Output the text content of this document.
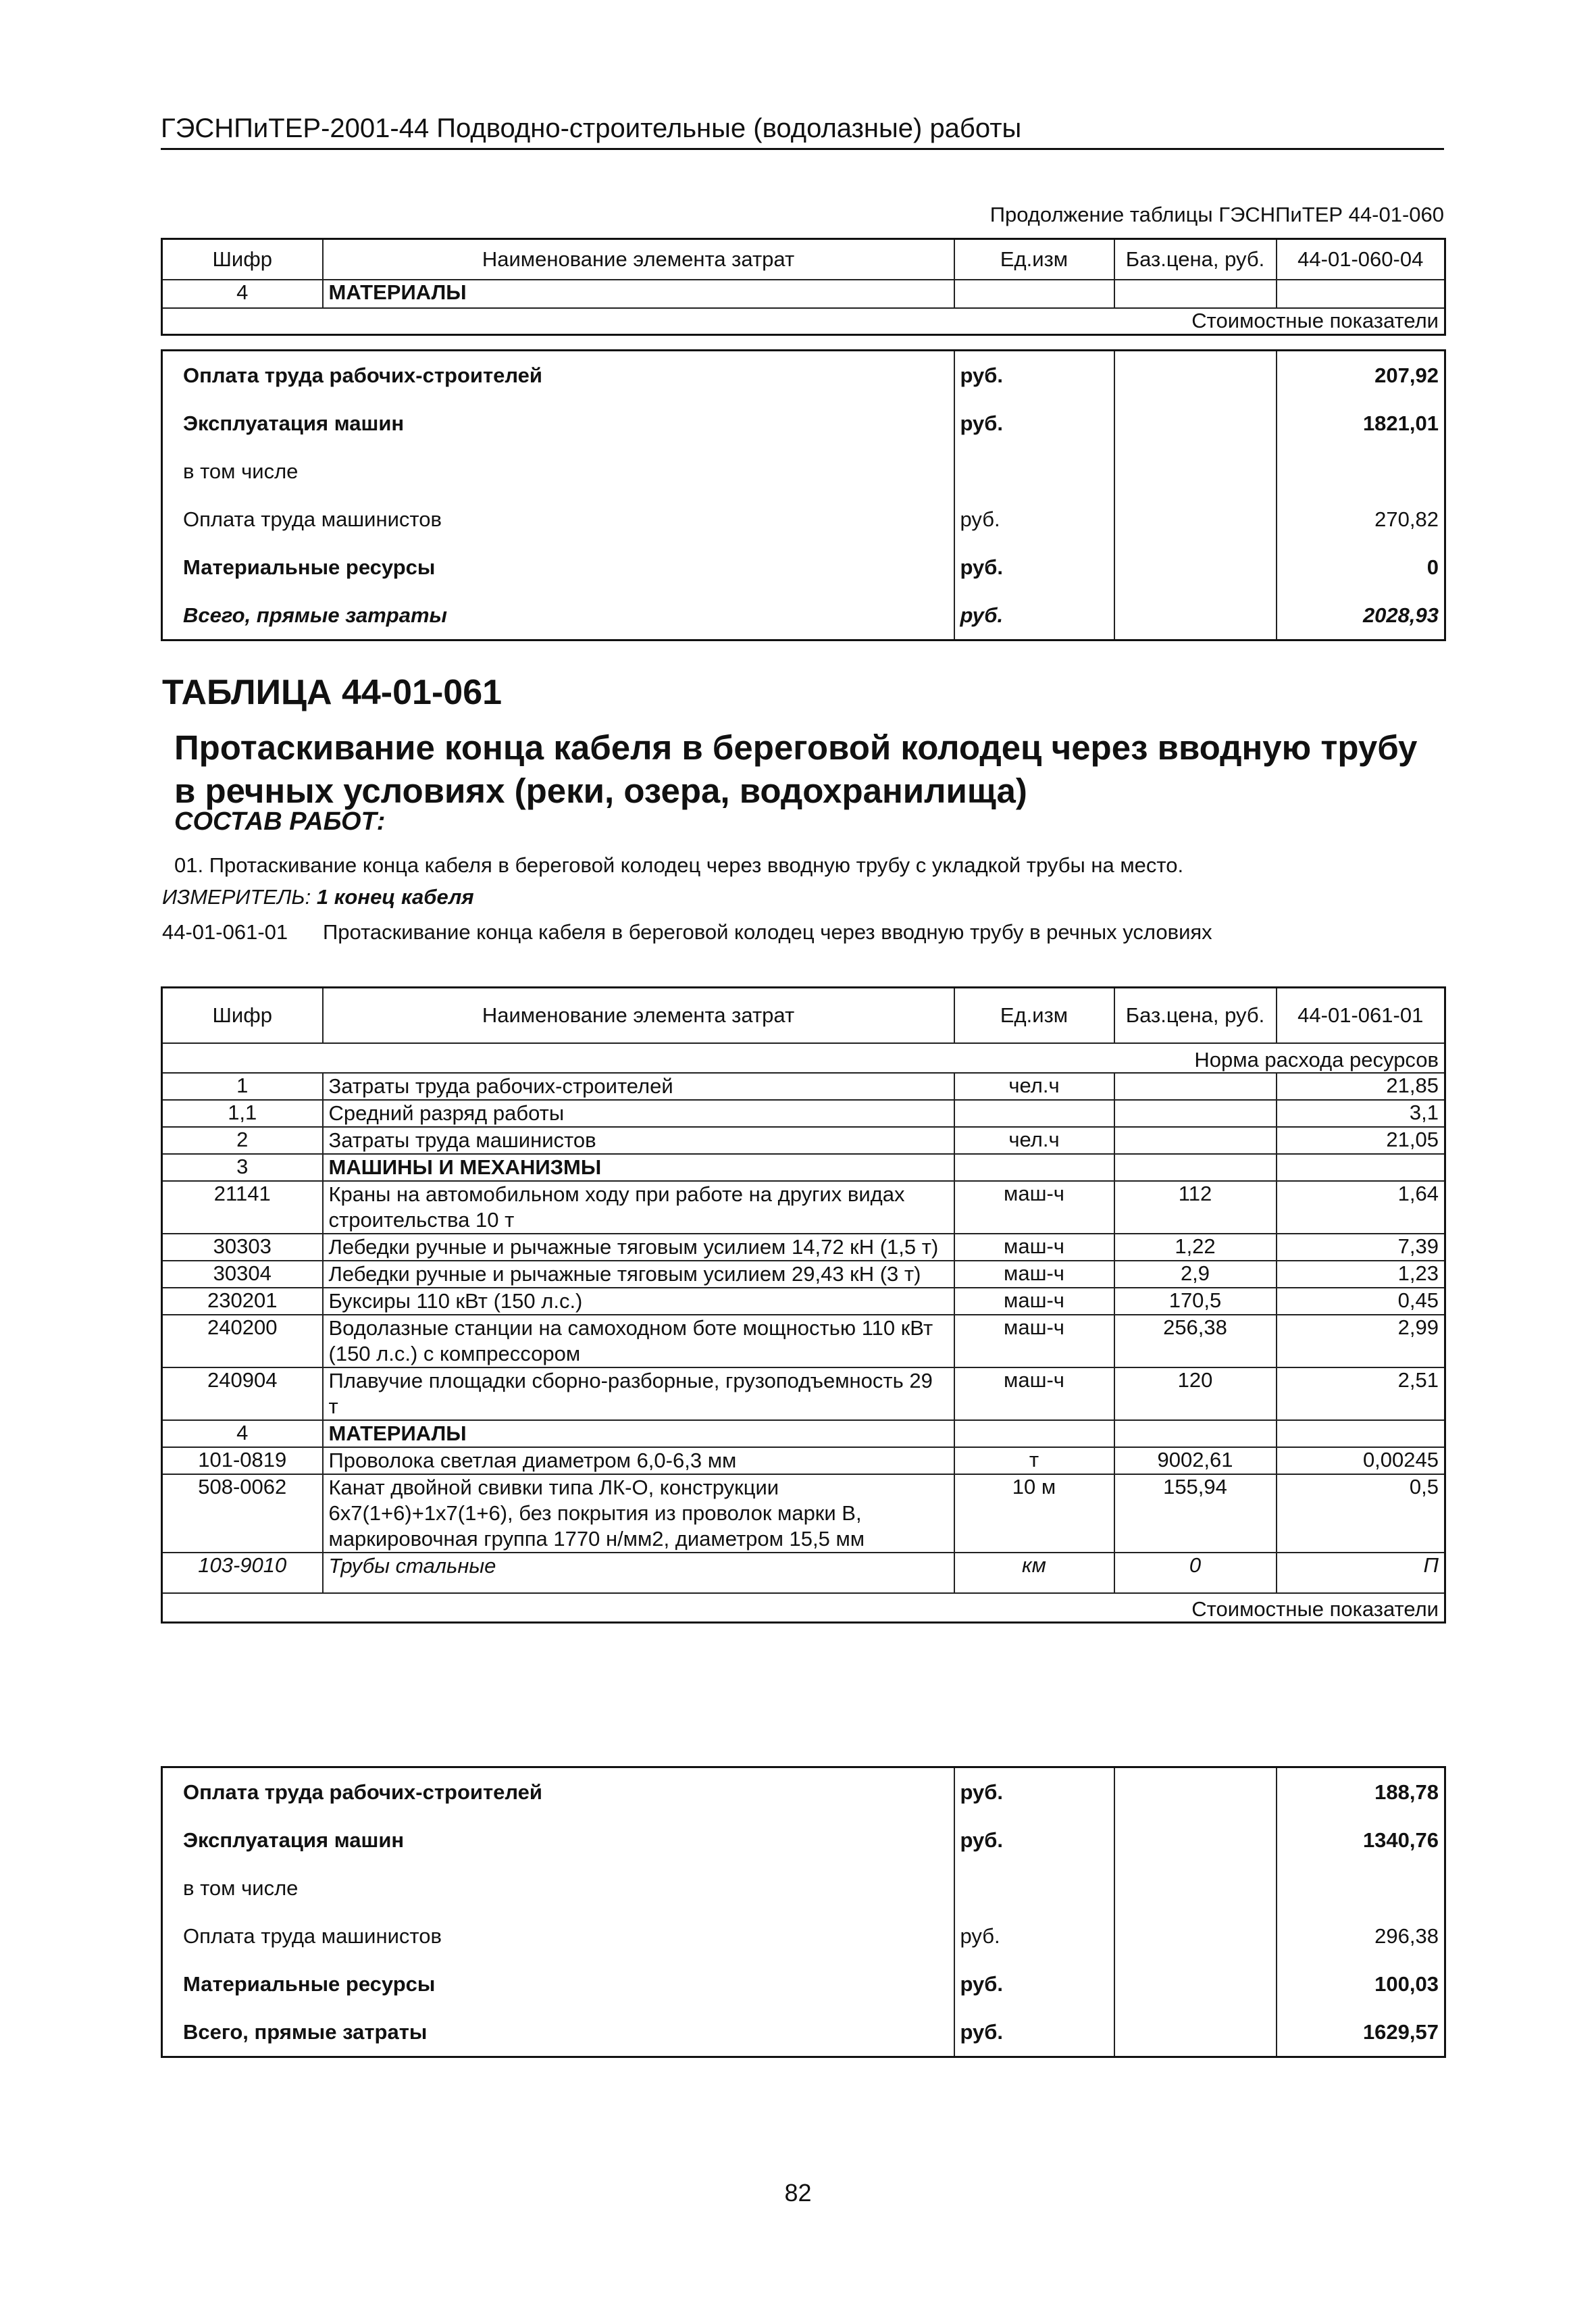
ГЭСНПиТЕР-2001-44 Подводно-строительные (водолазные) работы
Продолжение таблицы ГЭСНПиТЕР 44-01-060
Шифр	Наименование элемента затрат	Ед.изм	Баз.цена, руб.	44-01-060-04
4	МАТЕРИАЛЫ			
Стоимостные показатели				
Оплата труда рабочих-строителей	руб.		207,92
Эксплуатация машин	руб.		1821,01
в том числе			
Оплата труда машинистов	руб.		270,82
Материальные ресурсы	руб.		0
Всего, прямые затраты	руб.		2028,93
ТАБЛИЦА 44-01-061
Протаскивание конца кабеля в береговой колодец через вводную трубу в речных условиях (реки, озера, водохранилища)
СОСТАВ РАБОТ:
01. Протаскивание конца кабеля в береговой колодец через вводную трубу с укладкой трубы на место.
ИЗМЕРИТЕЛЬ: 1 конец кабеля
44-01-061-01 Протаскивание конца кабеля в береговой колодец через вводную трубу в речных условиях
Шифр	Наименование элемента затрат	Ед.изм	Баз.цена, руб.	44-01-061-01
Норма расхода ресурсов				
1	Затраты труда рабочих-строителей	чел.ч		21,85
1,1	Средний разряд работы			3,1
2	Затраты труда машинистов	чел.ч		21,05
3	МАШИНЫ И МЕХАНИЗМЫ			
21141	Краны на автомобильном ходу при работе на других видах строительства 10 т	маш-ч	112	1,64
30303	Лебедки ручные и рычажные тяговым усилием 14,72 кН (1,5 т)	маш-ч	1,22	7,39
30304	Лебедки ручные и рычажные тяговым усилием 29,43 кН (3 т)	маш-ч	2,9	1,23
230201	Буксиры 110 кВт (150 л.с.)	маш-ч	170,5	0,45
240200	Водолазные станции на самоходном боте мощностью 110 кВт (150 л.с.) с компрессором	маш-ч	256,38	2,99
240904	Плавучие площадки сборно-разборные, грузоподъемность 29 т	маш-ч	120	2,51
4	МАТЕРИАЛЫ			
101-0819	Проволока светлая диаметром 6,0-6,3 мм	т	9002,61	0,00245
508-0062	Канат двойной свивки типа ЛК-О, конструкции 6х7(1+6)+1х7(1+6), без покрытия из проволок марки В, маркировочная группа 1770 н/мм2, диаметром 15,5 мм	10 м	155,94	0,5
103-9010	Трубы стальные	км	0	П
Стоимостные показатели				
Оплата труда рабочих-строителей	руб.		188,78
Эксплуатация машин	руб.		1340,76
в том числе			
Оплата труда машинистов	руб.		296,38
Материальные ресурсы	руб.		100,03
Всего, прямые затраты	руб.		1629,57
82
